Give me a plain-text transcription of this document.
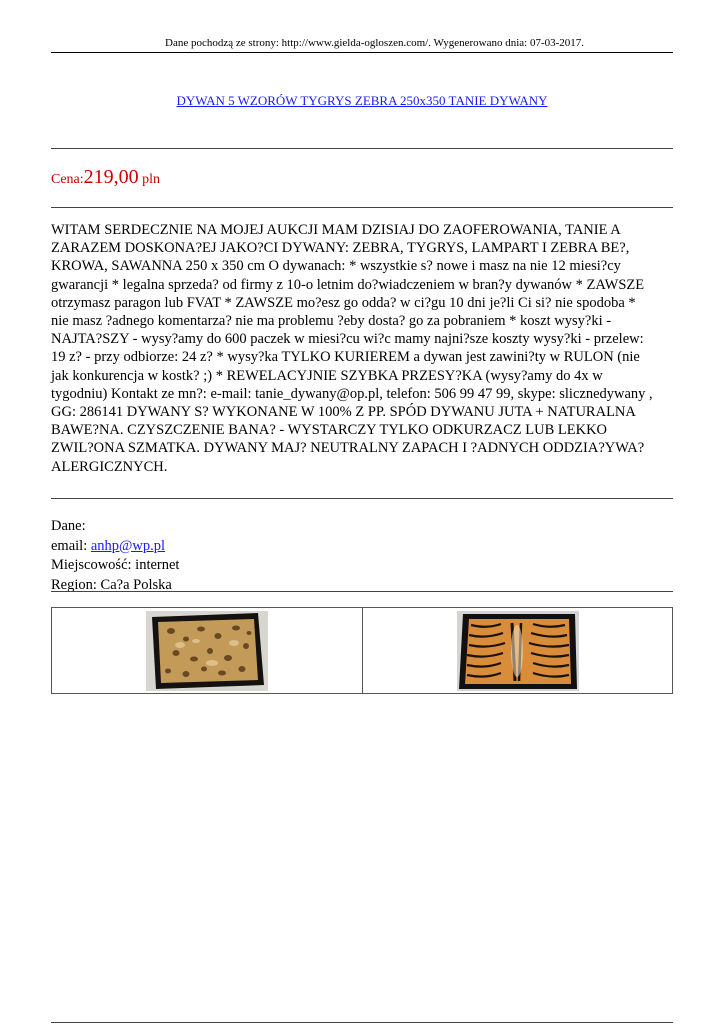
Dane pochodzą ze strony: http://www.gielda-ogloszen.com/. Wygenerowano dnia: 07-03-2017.
DYWAN 5 WZORÓW TYGRYS ZEBRA 250x350 TANIE DYWANY
Cena:219,00 pln
WITAM SERDECZNIE NA MOJEJ AUKCJI MAM DZISIAJ DO ZAOFEROWANIA, TANIE A
ZARAZEM DOSKONA?EJ JAKO?CI DYWANY: ZEBRA, TYGRYS, LAMPART I ZEBRA BE?,
KROWA, SAWANNA 250 x 350 cm O dywanach: * wszystkie s? nowe i masz na nie 12 miesi?cy
gwarancji * legalna sprzeda? od firmy z 10-o letnim do?wiadczeniem w bran?y dywanów * ZAWSZE
otrzymasz paragon lub FVAT * ZAWSZE mo?esz go odda? w ci?gu 10 dni je?li Ci si? nie spodoba *
nie masz ?adnego komentarza? nie ma problemu ?eby dosta? go za pobraniem * koszt wysy?ki -
NAJTA?SZY - wysy?amy do 600 paczek w miesi?cu wi?c mamy najni?sze koszty wysy?ki - przelew:
19 z? - przy odbiorze: 24 z? * wysy?ka TYLKO KURIEREM a dywan jest zawini?ty w RULON (nie
jak konkurencja w kostk? ;) * REWELACYJNIE SZYBKA PRZESY?KA (wysy?amy do 4x w
tygodniu) Kontakt ze mn?: e-mail: tanie_dywany@op.pl, telefon: 506 99 47 99, skype: slicznedywany ,
GG: 286141 DYWANY S? WYKONANE W 100% Z PP. SPÓD DYWANU JUTA + NATURALNA
BAWE?NA. CZYSZCZENIE BANA? - WYSTARCZY TYLKO ODKURZACZ LUB LEKKO
ZWIL?ONA SZMATKA. DYWANY MAJ? NEUTRALNY ZAPACH I ?ADNYCH ODDZIA?YWA?
ALERGICZNYCH.
Dane:
email: anhp@wp.pl
Miejscowość: internet
Region: Ca?a Polska
